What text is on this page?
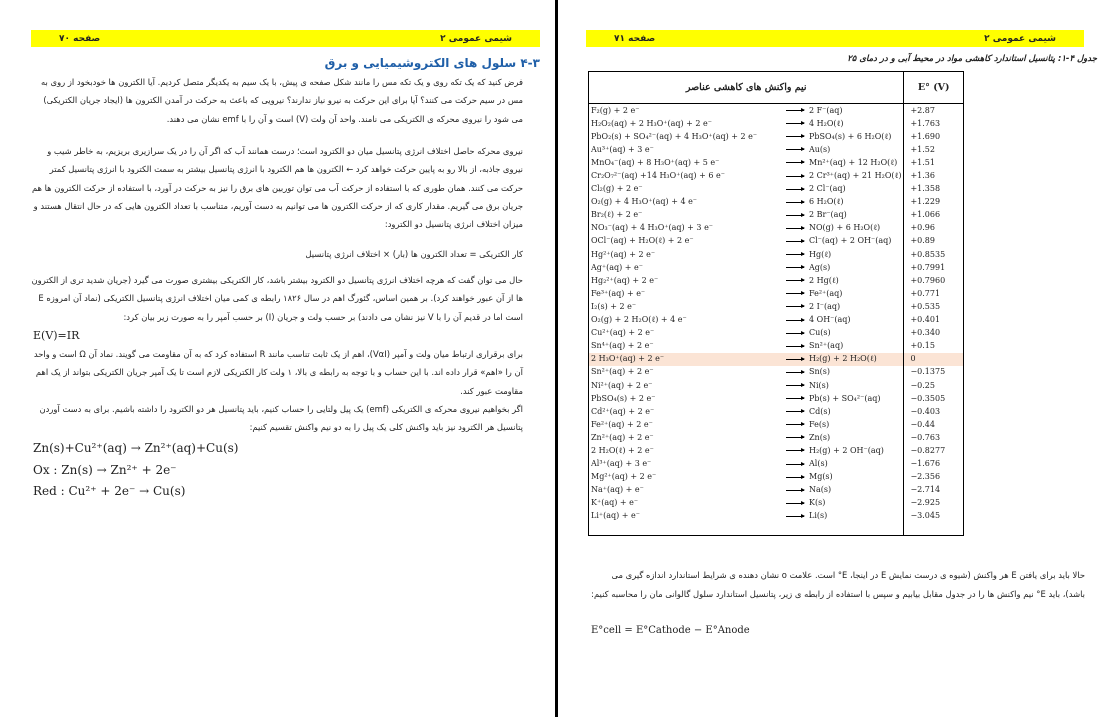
صفحه ۷۰	شیمی عمومی ۲
۴-۳ سلول های الکتروشیمیایی و برق
فرض کنید که یک تکه روی و یک تکه مس را مانند شکل صفحه ی پیش، با یک سیم به یکدیگر متصل کردیم. آیا الکترون ها خودبخود از روی به مس در سیم حرکت می کنند؟ آیا برای این حرکت به نیرو نیاز ندارند؟ نیرویی که باعث به حرکت در آمدن الکترون ها (ایجاد جریان الکتریکی) می شود را نیروی محرکه ی الکتریکی می نامند. واحد آن ولت (V) است و آن را با emf نشان می دهند.
نیروی محرکه حاصل اختلاف انرژی پتانسیل میان دو الکترود است؛ درست همانند آب که اگر آن را در یک سرازیری بریزیم، به خاطر شیب و نیروی جاذبه، از بالا رو به پایین حرکت خواهد کرد ← الکترون ها هم الکترود با انرژی پتانسیل بیشتر به سمت الکترود با انرژی پتانسیل کمتر حرکت می کنند. همان طوری که با استفاده از حرکت آب می توان توربین های برق را نیز به حرکت در آورد، با استفاده از حرکت الکترون ها هم جریان برق می گیریم. مقدار کاری که از حرکت الکترون ها می توانیم به دست آوریم، متناسب با تعداد الکترون هایی که در حال انتقال هستند و میزان اختلاف انرژی پتانسیل دو الکترود:
کار الکتریکی = تعداد الکترون ها (بار) × اختلاف انرژی پتانسیل
حال می توان گفت که هرچه اختلاف انرژی پتانسیل دو الکترود بیشتر باشد، کار الکتریکی بیشتری صورت می گیرد (جریان شدید تری از الکترون ها از آن عبور خواهند کرد). بر همین اساس، گئورگ اهم در سال ۱۸۲۶ رابطه ی کمی میان اختلاف انرژی پتانسیل الکتریکی (نماد آن امروزه E است اما در قدیم آن را با V نیز نشان می دادند) بر حسب ولت و جریان (I) بر حسب آمپر را به صورت زیر بیان کرد:
E(V)=IR
برای برقراری ارتباط میان ولت و آمپر (VαI)، اهم از یک ثابت تناسب مانند R استفاده کرد که به آن مقاومت می گویند. نماد آن Ω است و واحد آن را «اهم» قرار داده اند. با این حساب و با توجه به رابطه ی بالا، ۱ ولت کار الکتریکی لازم است تا یک آمپر جریان الکتریکی بتواند از یک اهم مقاومت عبور کند.
اگر بخواهیم نیروی محرکه ی الکتریکی (emf) یک پیل ولتایی را حساب کنیم، باید پتانسیل هر دو الکترود را داشته باشیم. برای به دست آوردن پتانسیل هر الکترود نیز باید واکنش کلی یک پیل را به دو نیم واکنش تقسیم کنیم:
Zn(s)+Cu²⁺(aq) → Zn²⁺(aq)+Cu(s)
Ox : Zn(s) → Zn²⁺ + 2e⁻
Red : Cu²⁺ + 2e⁻ → Cu(s)
صفحه ۷۱	شیمی عمومی ۲
جدول ۴-۱: پتانسیل استاندارد کاهشی مواد در محیط آبی و در دمای ۲۵
نیم واکنش های کاهشی عناصر			E° (V)
F₂(g) + 2 e⁻		2 F⁻(aq)	+2.87
H₂O₂(aq) + 2 H₃O⁺(aq) + 2 e⁻		4 H₂O(ℓ)	+1.763
PbO₂(s) + SO₄²⁻(aq) + 4 H₃O⁺(aq) + 2 e⁻		PbSO₄(s) + 6 H₂O(ℓ)	+1.690
Au³⁺(aq) + 3 e⁻		Au(s)	+1.52
MnO₄⁻(aq) + 8 H₃O⁺(aq) + 5 e⁻		Mn²⁺(aq) + 12 H₂O(ℓ)	+1.51
Cr₂O₇²⁻(aq) +14 H₃O⁺(aq) + 6 e⁻		2 Cr³⁺(aq) + 21 H₂O(ℓ)	+1.36
Cl₂(g) + 2 e⁻		2 Cl⁻(aq)	+1.358
O₂(g) + 4 H₃O⁺(aq) + 4 e⁻		6 H₂O(ℓ)	+1.229
Br₂(ℓ) + 2 e⁻		2 Br⁻(aq)	+1.066
NO₃⁻(aq) + 4 H₃O⁺(aq) + 3 e⁻		NO(g) + 6 H₂O(ℓ)	+0.96
OCl⁻(aq) + H₂O(ℓ) + 2 e⁻		Cl⁻(aq) + 2 OH⁻(aq)	+0.89
Hg²⁺(aq) + 2 e⁻		Hg(ℓ)	+0.8535
Ag⁺(aq) + e⁻		Ag(s)	+0.7991
Hg₂²⁺(aq) + 2 e⁻		2 Hg(ℓ)	+0.7960
Fe³⁺(aq) + e⁻		Fe²⁺(aq)	+0.771
I₂(s) + 2 e⁻		2 I⁻(aq)	+0.535
O₂(g) + 2 H₂O(ℓ) + 4 e⁻		4 OH⁻(aq)	+0.401
Cu²⁺(aq) + 2 e⁻		Cu(s)	+0.340
Sn⁴⁺(aq) + 2 e⁻		Sn²⁺(aq)	+0.15
2 H₃O⁺(aq) + 2 e⁻		H₂(g) + 2 H₂O(ℓ)	0
Sn²⁺(aq) + 2 e⁻		Sn(s)	−0.1375
Ni²⁺(aq) + 2 e⁻		Ni(s)	−0.25
PbSO₄(s) + 2 e⁻		Pb(s) + SO₄²⁻(aq)	−0.3505
Cd²⁺(aq) + 2 e⁻		Cd(s)	−0.403
Fe²⁺(aq) + 2 e⁻		Fe(s)	−0.44
Zn²⁺(aq) + 2 e⁻		Zn(s)	−0.763
2 H₂O(ℓ) + 2 e⁻		H₂(g) + 2 OH⁻(aq)	−0.8277
Al³⁺(aq) + 3 e⁻		Al(s)	−1.676
Mg²⁺(aq) + 2 e⁻		Mg(s)	−2.356
Na⁺(aq) + e⁻		Na(s)	−2.714
K⁺(aq) + e⁻		K(s)	−2.925
Li⁺(aq) + e⁻		Li(s)	−3.045
حالا باید برای یافتن E هر واکنش (شیوه ی درست نمایش E در اینجا، E° است. علامت o نشان دهنده ی شرایط استاندارد اندازه گیری می باشد)، باید E° نیم واکنش ها را در جدول مقابل بیابیم و سپس با استفاده از رابطه ی زیر، پتانسیل استاندارد سلول گالوانی مان را محاسبه کنیم:
E°cell = E°Cathode − E°Anode
